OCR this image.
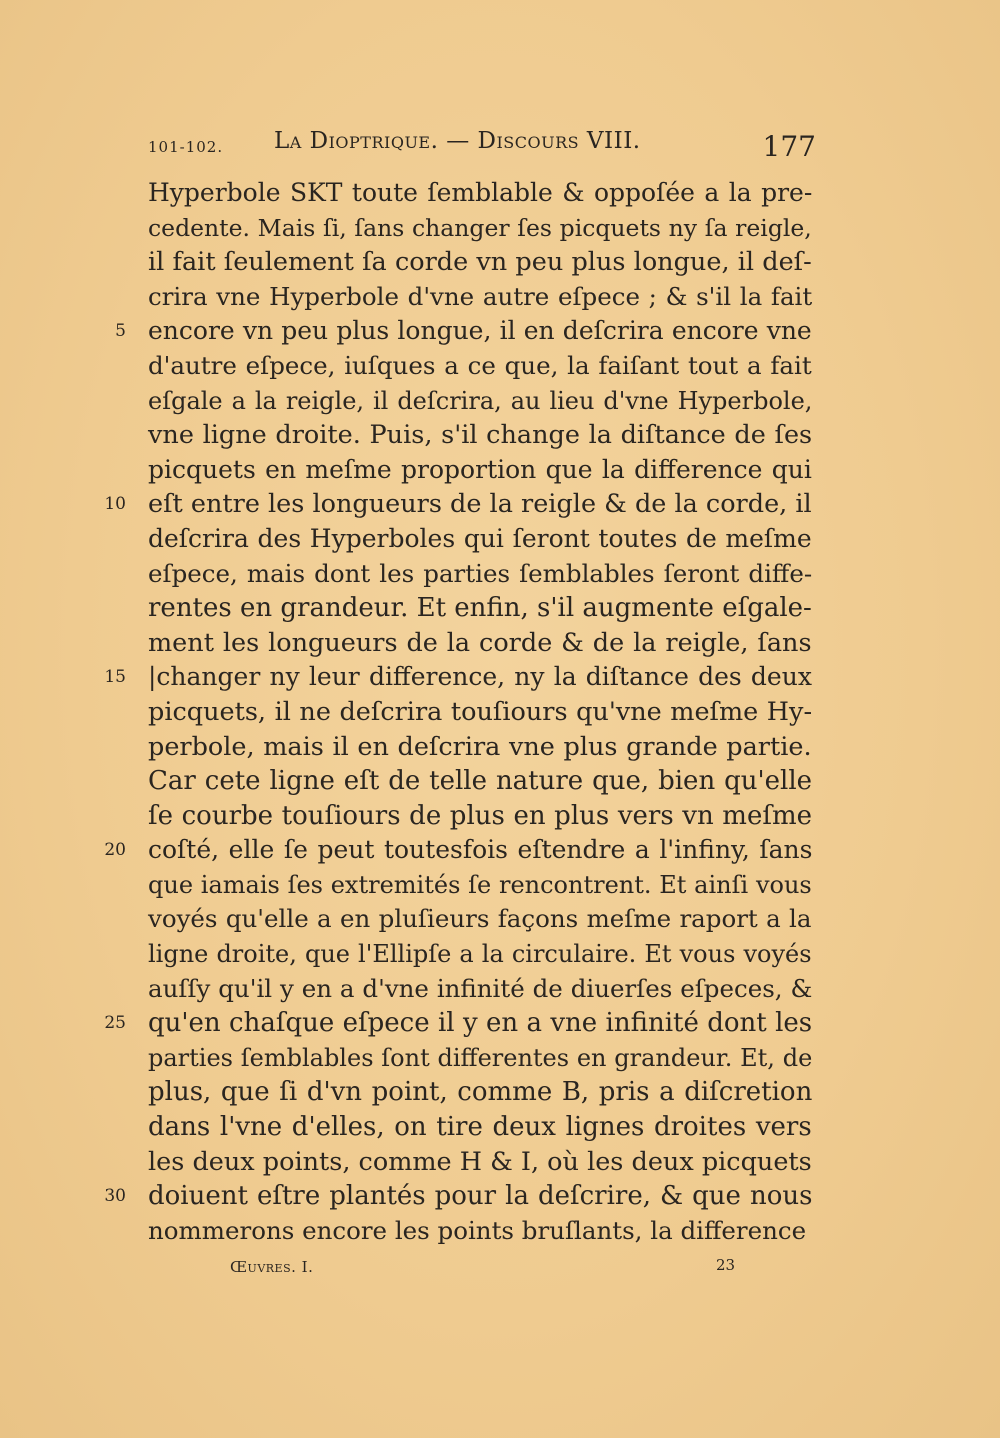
101-102. La Dioptrique. — Discours VIII.	177
Hyperbole SKT toute ſemblable & oppoſée a la pre-
cedente. Mais ſi, ſans changer ſes picquets ny ſa reigle,
il fait ſeulement ſa corde vn peu plus longue, il deſ-
crira vne Hyperbole d'vne autre eſpece ; & s'il la fait
5 encore vn peu plus longue, il en deſcrira encore vne
d'autre eſpece, iuſques a ce que, la faiſant tout a fait
eſgale a la reigle, il deſcrira, au lieu d'vne Hyperbole,
vne ligne droite. Puis, s'il change la diſtance de ſes
picquets en meſme proportion que la difference qui
10 eſt entre les longueurs de la reigle & de la corde, il
deſcrira des Hyperboles qui ſeront toutes de meſme
eſpece, mais dont les parties ſemblables ſeront diffe-
rentes en grandeur. Et enfin, s'il augmente eſgale-
ment les longueurs de la corde & de la reigle, ſans
15 |changer ny leur difference, ny la diſtance des deux
picquets, il ne deſcrira touſiours qu'vne meſme Hy-
perbole, mais il en deſcrira vne plus grande partie.
Car cete ligne eſt de telle nature que, bien qu'elle
ſe courbe touſiours de plus en plus vers vn meſme
20 coſté, elle ſe peut toutesfois eſtendre a l'infiny, ſans
que iamais ſes extremités ſe rencontrent. Et ainſi vous
voyés qu'elle a en pluſieurs façons meſme raport a la
ligne droite, que l'Ellipſe a la circulaire. Et vous voyés
auſſy qu'il y en a d'vne infinité de diuerſes eſpeces, &
25 qu'en chaſque eſpece il y en a vne infinité dont les
parties ſemblables ſont differentes en grandeur. Et, de
plus, que ſi d'vn point, comme B, pris a diſcretion
dans l'vne d'elles, on tire deux lignes droites vers
les deux points, comme H & I, où les deux picquets
30 doiuent eſtre plantés pour la deſcrire, & que nous
nommerons encore les points bruſlants, la difference
Œuvres. I.	23
